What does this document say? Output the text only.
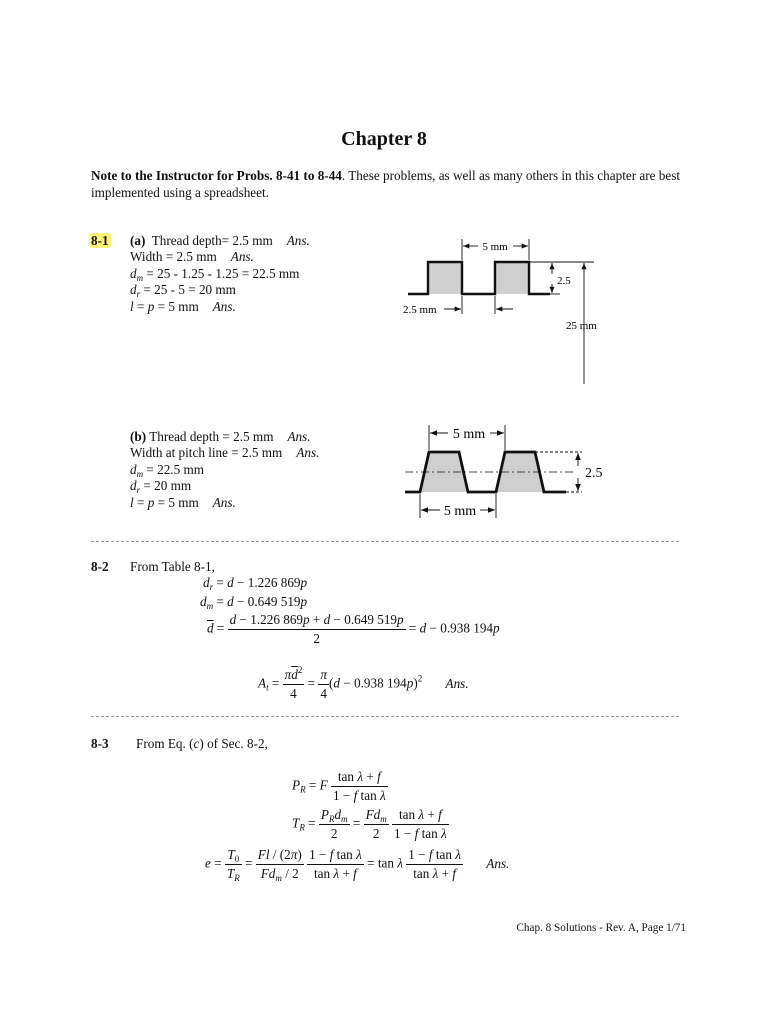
Chapter 8
Note to the Instructor for Probs. 8-41 to 8-44. These problems, as well as many others in this chapter are best implemented using a spreadsheet.
8-1 (a) Thread depth= 2.5 mm Ans.
Width = 2.5 mm Ans.
$d_m = 25 - 1.25 - 1.25 = 22.5$ mm
$d_r = 25 - 5 = 20$ mm
l = p = 5 mm Ans.
5 mm
2.5
2.5 mm
25 mm
(b) Thread depth = 2.5 mm Ans.
Width at pitch line = 2.5 mm Ans.
$d_m = 22.5$ mm
$d_r = 20$ mm
l = p = 5 mm Ans.
5 mm
2.5
5 mm
8-2 From Table 8-1,
$d_r = d - 1.226$ 869p
$d_m = d - 0.649$ 519p
$\overline{d} = \frac{d - 1.226 869p + d - 0.649 519p}{2} = d - 0.938$ 194p
$A_t = \frac{\pi\overline{d}^2}{4} = \frac{\pi}{4} (d - 0.938$ 194p)$^2$ Ans.
8-3 From Eq. (c) of Sec. 8-2,
$P_R = F \frac{\text{tan λ + f}}{\text{1 − f tan λ}}$
$T_R = \frac{P_Rd_m}{2} = \frac{Fd_m}{2}$
$\frac{\text{tan λ + f}}{\text{1 − f tan λ}}$
$e = \frac{T_0}{T_R} = \frac{Fl / (2\pi)}{Fd_m / 2}$
$\frac{\text{1 − f tan λ}}{\text{tan λ + f}} = \tan \lambda \frac{\text{1 − f tan λ}}{\text{tan λ + f}}$ Ans.
Chap. 8 Solutions - Rev. A, Page 1/71
